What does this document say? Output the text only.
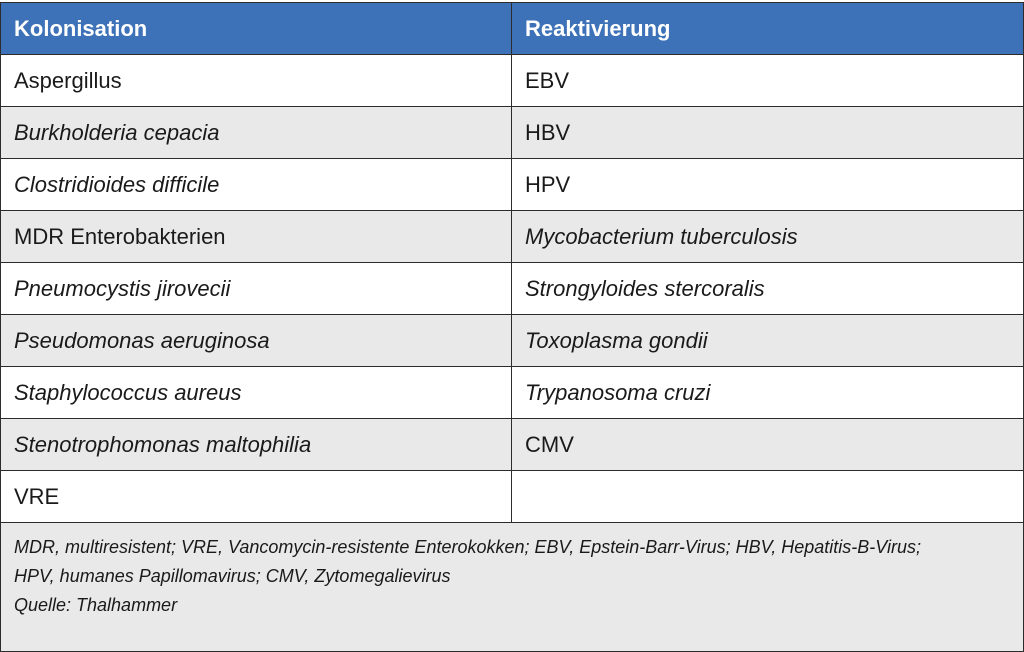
Kolonisation	Reaktivierung
Aspergillus	EBV
Burkholderia cepacia	HBV
Clostridioides difficile	HPV
MDR Enterobakterien	Mycobacterium tuberculosis
Pneumocystis jirovecii	Strongyloides stercoralis
Pseudomonas aeruginosa	Toxoplasma gondii
Staphylococcus aureus	Trypanosoma cruzi
Stenotrophomonas maltophilia	CMV
VRE	

MDR, multiresistent; VRE, Vancomycin-resistente Enterokokken; EBV, Epstein-Barr-Virus; HBV, Hepatitis-B-Virus;
HPV, humanes Papillomavirus; CMV, Zytomegalievirus
Quelle: Thalhammer	
